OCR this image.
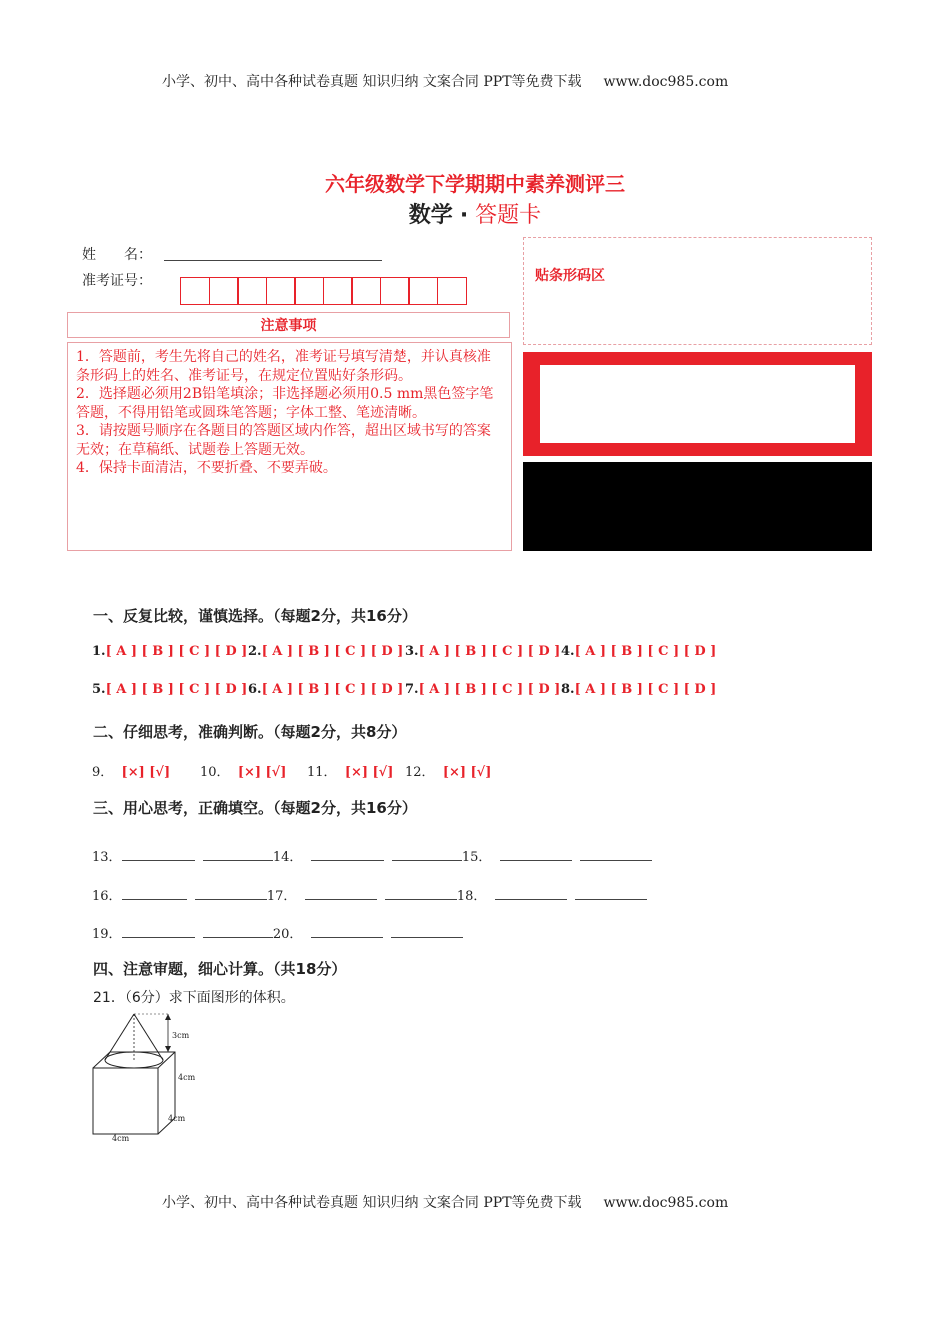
小学、初中、高中各种试卷真题 知识归纳 文案合同 PPT等免费下载 www.doc985.com
六年级数学下学期期中素养测评三
数学 · 答题卡
姓　　名：
准考证号：
注意事项

1．答题前，考生先将自己的姓名，准考证号填写清楚，并认真核准条形码上的姓名、准考证号，在规定位置贴好条形码。

2．选择题必须用2B铅笔填涂；非选择题必须用0.5 mm黑色签字笔答题，不得用铅笔或圆珠笔答题；字体工整、笔迹清晰。

3．请按题号顺序在各题目的答题区域内作答，超出区域书写的答案无效；在草稿纸、试题卷上答题无效。

4．保持卡面清洁，不要折叠、不要弄破。

贴条形码区
一、反复比较，谨慎选择。（每题2分，共16分）
1.[ A ] [ B ] [ C ] [ D ] 2.[ A ] [ B ] [ C ] [ D ] 3.[ A ] [ B ] [ C ] [ D ] 4.[ A ] [ B ] [ C ] [ D ]
5.[ A ] [ B ] [ C ] [ D ] 6.[ A ] [ B ] [ C ] [ D ] 7.[ A ] [ B ] [ C ] [ D ] 8.[ A ] [ B ] [ C ] [ D ]
二、仔细思考，准确判断。（每题2分，共8分）
9． [×] [√] 10． [×] [√] 11． [×] [√] 12． [×] [√]
三、用心思考，正确填空。（每题2分，共16分）
13．	14．	15．
16．	17．	18．
19．	20．
四、注意审题，细心计算。（共18分）
21．（6分）求下面图形的体积。
3cm
4cm
4cm
4cm
小学、初中、高中各种试卷真题 知识归纳 文案合同 PPT等免费下载 www.doc985.com
